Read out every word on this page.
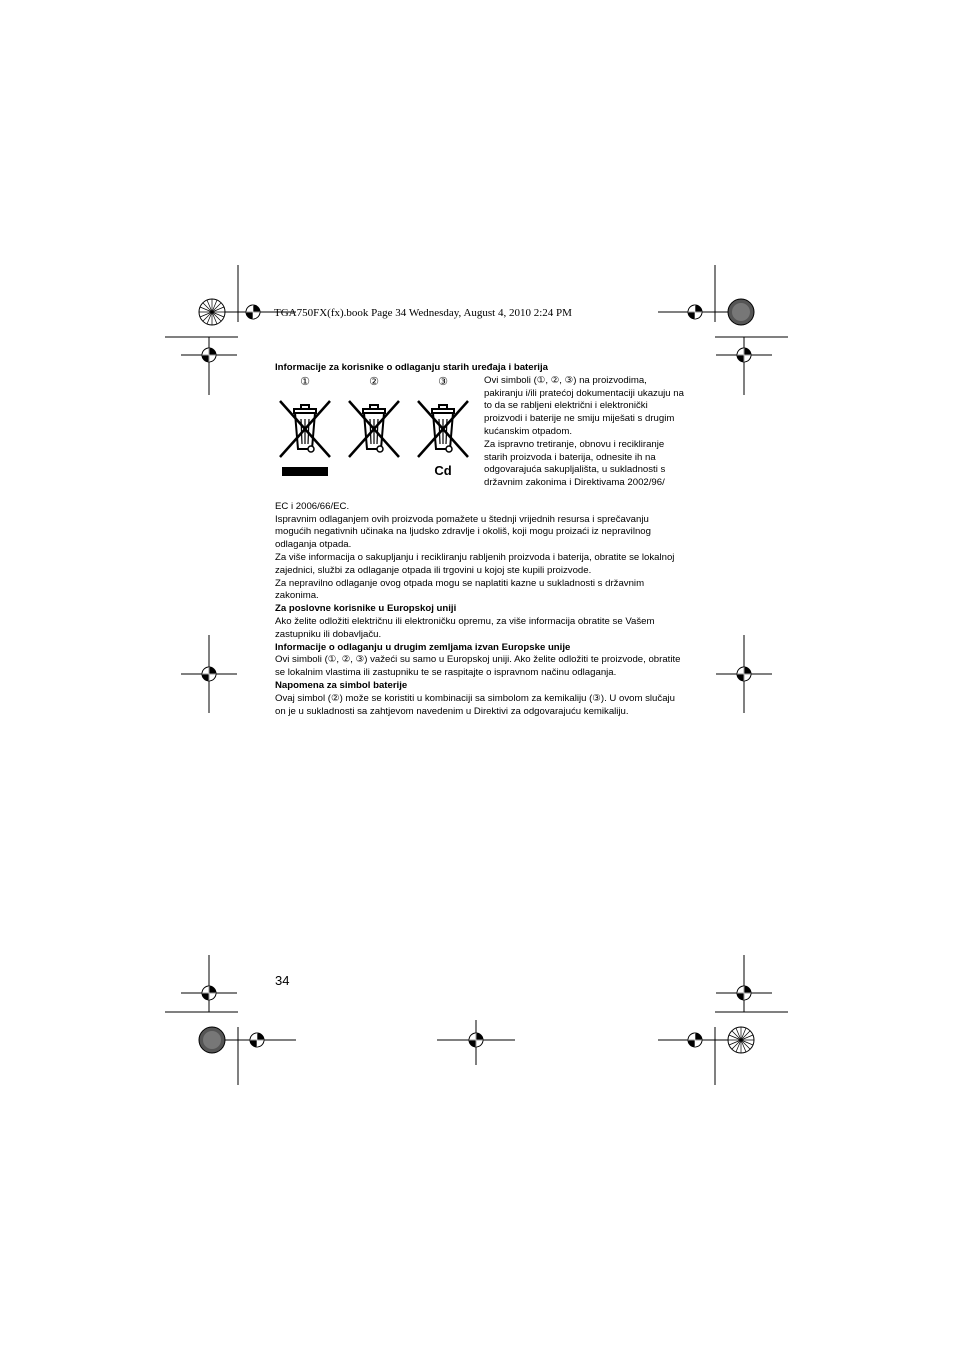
TGA750FX(fx).book Page 34 Wednesday, August 4, 2010 2:24 PM

Informacije za korisnike o odlaganju starih uređaja i baterija

①	②	③
Cd

Ovi simboli (①, ②, ③) na proizvodima, pakiranju i/ili pratećoj dokumentaciji ukazuju na to da se rabljeni električni i elektronički proizvodi i baterije ne smiju miješati s drugim kućanskim otpadom.

Za ispravno tretiranje, obnovu i recikliranje starih proizvoda i baterija, odnesite ih na odgovarajuća sakupljališta, u sukladnosti s državnim zakonima i Direktivama 2002/96/

EC i 2006/66/EC.

Ispravnim odlaganjem ovih proizvoda pomažete u štednji vrijednih resursa i sprečavanju mogućih negativnih učinaka na ljudsko zdravlje i okoliš, koji mogu proizaći iz nepravilnog odlaganja otpada.

Za više informacija o sakupljanju i recikliranju rabljenih proizvoda i baterija, obratite se lokalnoj zajednici, službi za odlaganje otpada ili trgovini u kojoj ste kupili proizvode.

Za nepravilno odlaganje ovog otpada mogu se naplatiti kazne u sukladnosti s državnim zakonima.

Za poslovne korisnike u Europskoj uniji

Ako želite odložiti električnu ili elektroničku opremu, za više informacija obratite se Vašem zastupniku ili dobavljaču.

Informacije o odlaganju u drugim zemljama izvan Europske unije

Ovi simboli (①, ②, ③) važeći su samo u Europskoj uniji. Ako želite odložiti te proizvode, obratite se lokalnim vlastima ili zastupniku te se raspitajte o ispravnom načinu odlaganja.

Napomena za simbol baterije

Ovaj simbol (②) može se koristiti u kombinaciji sa simbolom za kemikaliju (③). U ovom slučaju on je u sukladnosti sa zahtjevom navedenim u Direktivi za odgovarajuću kemikaliju.

34
